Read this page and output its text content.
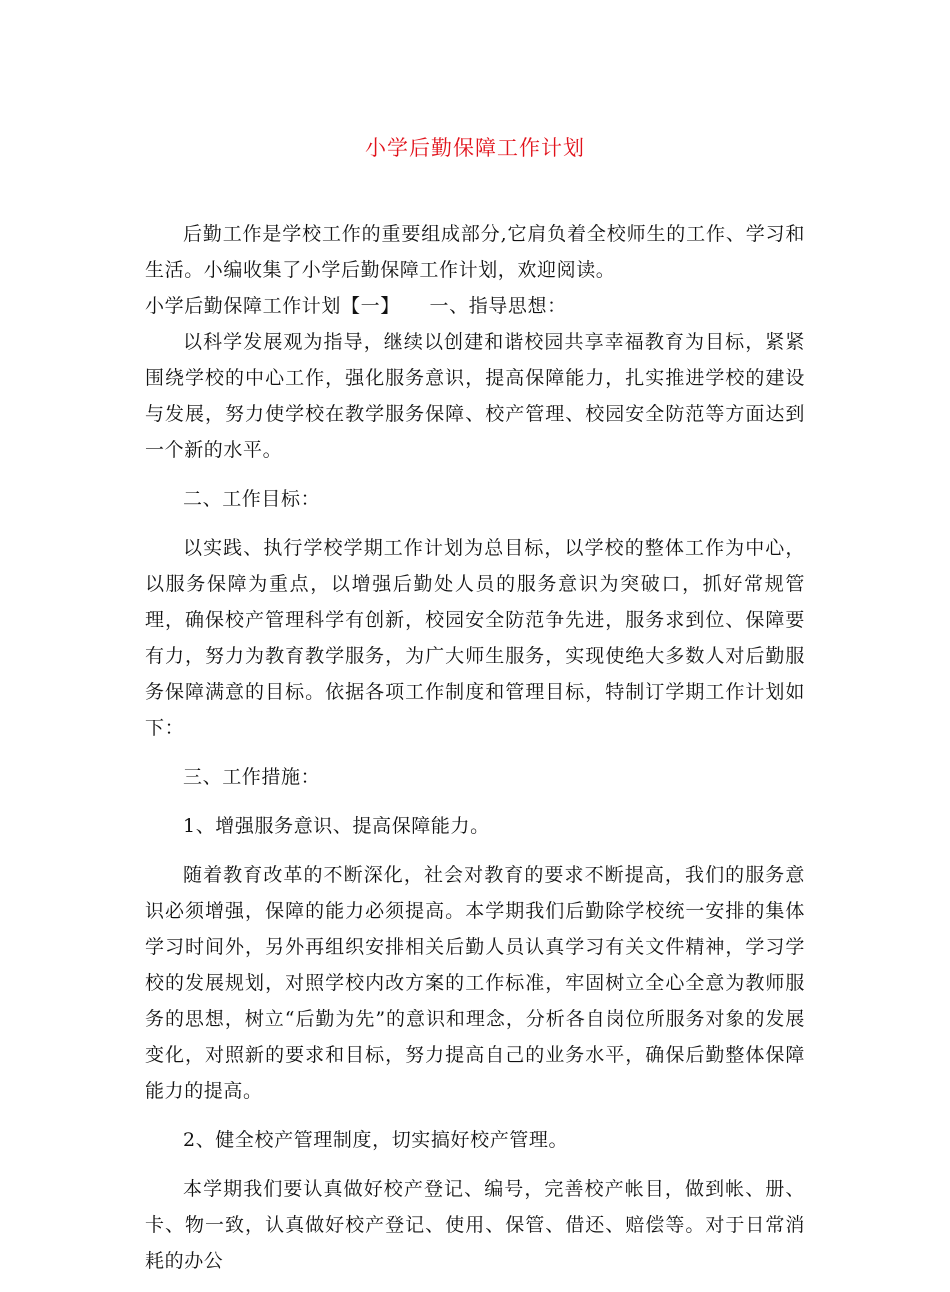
小学后勤保障工作计划

后勤工作是学校工作的重要组成部分,它肩负着全校师生的工作、学习和生活。小编收集了小学后勤保障工作计划，欢迎阅读。

小学后勤保障工作计划【一】　　一、指导思想：

以科学发展观为指导，继续以创建和谐校园共享幸福教育为目标，紧紧围绕学校的中心工作，强化服务意识，提高保障能力，扎实推进学校的建设与发展，努力使学校在教学服务保障、校产管理、校园安全防范等方面达到一个新的水平。

二、工作目标：

以实践、执行学校学期工作计划为总目标，以学校的整体工作为中心，以服务保障为重点，以增强后勤处人员的服务意识为突破口，抓好常规管理，确保校产管理科学有创新，校园安全防范争先进，服务求到位、保障要有力，努力为教育教学服务，为广大师生服务，实现使绝大多数人对后勤服务保障满意的目标。依据各项工作制度和管理目标，特制订学期工作计划如下：

三、工作措施：

1、增强服务意识、提高保障能力。

随着教育改革的不断深化，社会对教育的要求不断提高，我们的服务意识必须增强，保障的能力必须提高。本学期我们后勤除学校统一安排的集体学习时间外，另外再组织安排相关后勤人员认真学习有关文件精神，学习学校的发展规划，对照学校内改方案的工作标准，牢固树立全心全意为教师服务的思想，树立“后勤为先”的意识和理念，分析各自岗位所服务对象的发展变化，对照新的要求和目标，努力提高自己的业务水平，确保后勤整体保障能力的提高。

2、健全校产管理制度，切实搞好校产管理。

本学期我们要认真做好校产登记、编号，完善校产帐目，做到帐、册、卡、物一致，认真做好校产登记、使用、保管、借还、赔偿等。对于日常消耗的办公
